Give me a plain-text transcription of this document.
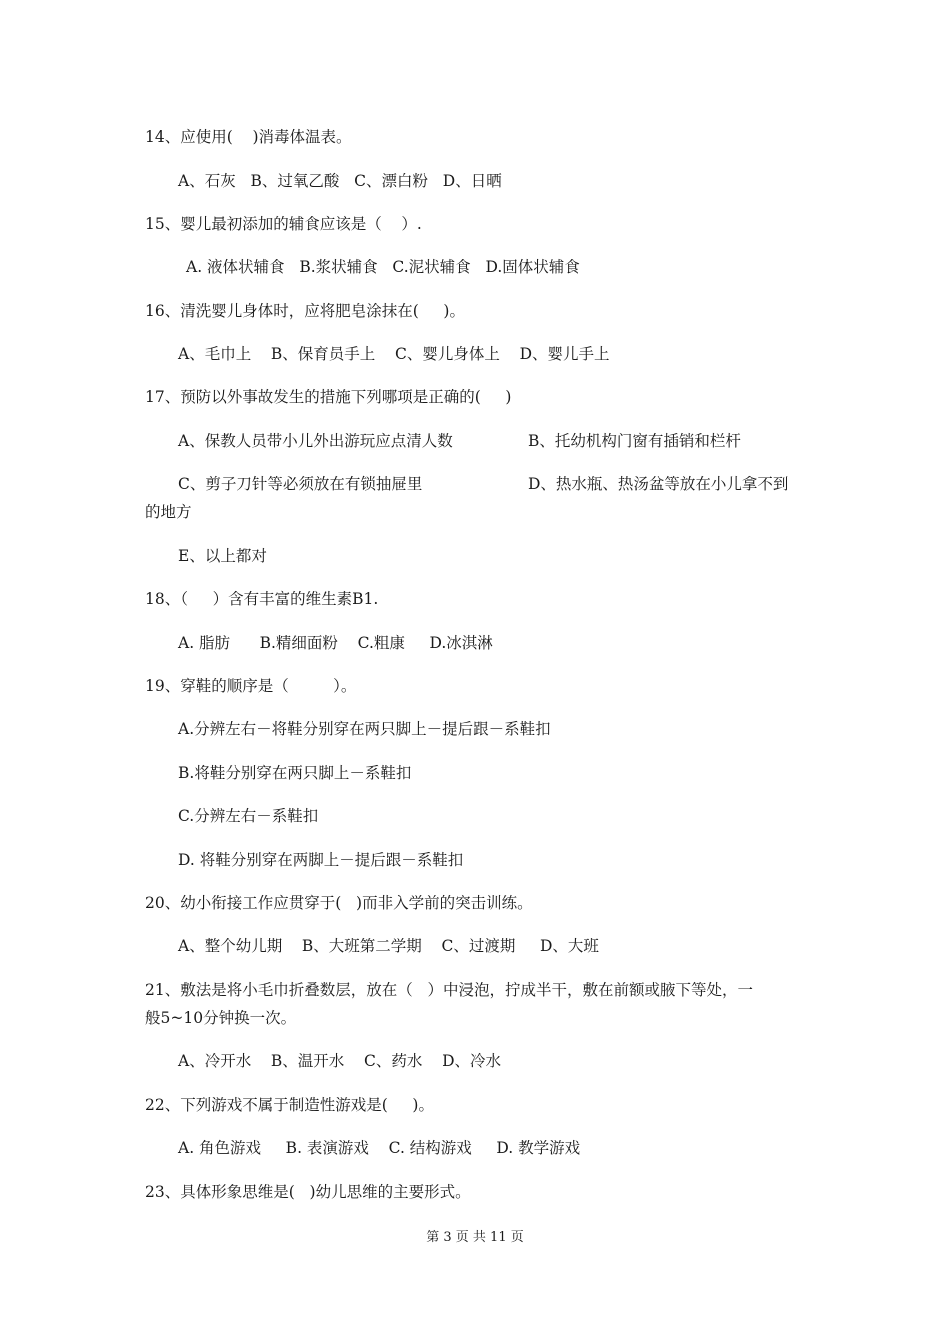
14、应使用(    )消毒体温表。
A、石灰   B、过氧乙酸   C、漂白粉   D、日晒
15、婴儿最初添加的辅食应该是（    ）.
A. 液体状辅食   B.浆状辅食   C.泥状辅食   D.固体状辅食
16、清洗婴儿身体时，应将肥皂涂抹在(     )。
A、毛巾上    B、保育员手上    C、婴儿身体上    D、婴儿手上
17、预防以外事故发生的措施下列哪项是正确的(     )
A、保教人员带小儿外出游玩应点清人数	B、托幼机构门窗有插销和栏杆
C、剪子刀针等必须放在有锁抽屉里	D、热水瓶、热汤盆等放在小儿拿不到
的地方
E、以上都对
18、（     ）含有丰富的维生素B1.
A. 脂肪      B.精细面粉    C.粗康     D.冰淇淋
19、穿鞋的顺序是（         ）。
A.分辨左右－将鞋分别穿在两只脚上－提后跟－系鞋扣
B.将鞋分别穿在两只脚上－系鞋扣
C.分辨左右－系鞋扣
D. 将鞋分别穿在两脚上－提后跟－系鞋扣
20、幼小衔接工作应贯穿于(   )而非入学前的突击训练。
A、整个幼儿期    B、大班第二学期    C、过渡期     D、大班
21、敷法是将小毛巾折叠数层，放在（   ）中浸泡，拧成半干，敷在前额或腋下等处，一
般5~10分钟换一次。
A、冷开水    B、温开水    C、药水    D、冷水
22、下列游戏不属于制造性游戏是(     )。
A. 角色游戏     B. 表演游戏    C. 结构游戏     D. 教学游戏
23、具体形象思维是(   )幼儿思维的主要形式。
第 3 页 共 11 页
